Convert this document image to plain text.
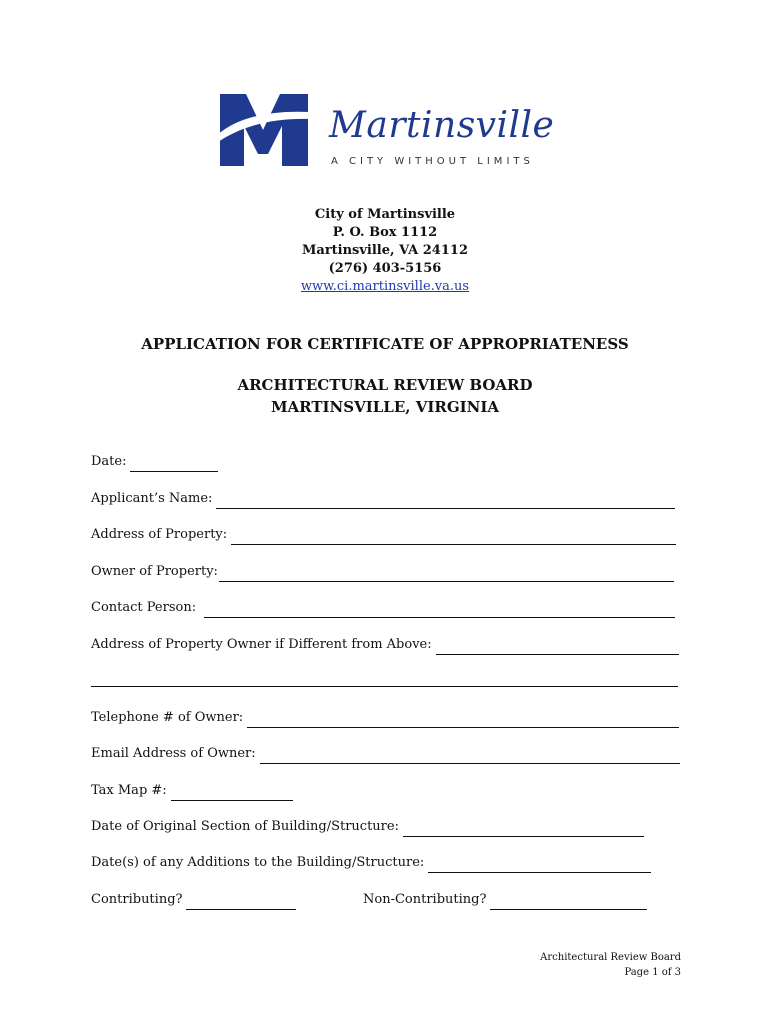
Martinsville
A CITY WITHOUT LIMITS
City of Martinsville
P. O. Box 1112
Martinsville, VA 24112
(276) 403-5156
www.ci.martinsville.va.us
APPLICATION FOR CERTIFICATE OF APPROPRIATENESS
ARCHITECTURAL REVIEW BOARD
MARTINSVILLE, VIRGINIA
Date:
Applicant’s Name:
Address of Property:
Owner of Property:
Contact Person:
Address of Property Owner if Different from Above:
Telephone # of Owner:
Email Address of Owner:
Tax Map #:
Date of Original Section of Building/Structure:
Date(s) of any Additions to the Building/Structure:
Contributing?	Non-Contributing?
Architectural Review Board
Page 1 of 3
